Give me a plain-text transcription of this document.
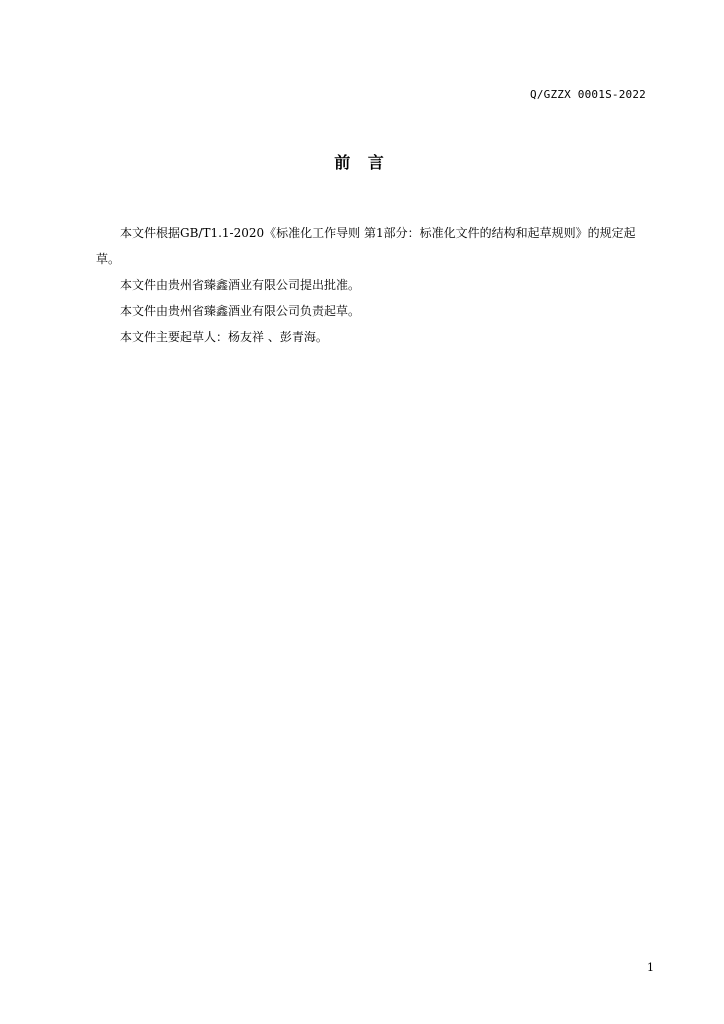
Q/GZZX 0001S-2022
前 言

本文件根据GB/T1.1-2020《标准化工作导则 第1部分：标准化文件的结构和起草规则》的规定起草。

本文件由贵州省臻鑫酒业有限公司提出批准。

本文件由贵州省臻鑫酒业有限公司负责起草。

本文件主要起草人：杨友祥 、彭青海。

1
